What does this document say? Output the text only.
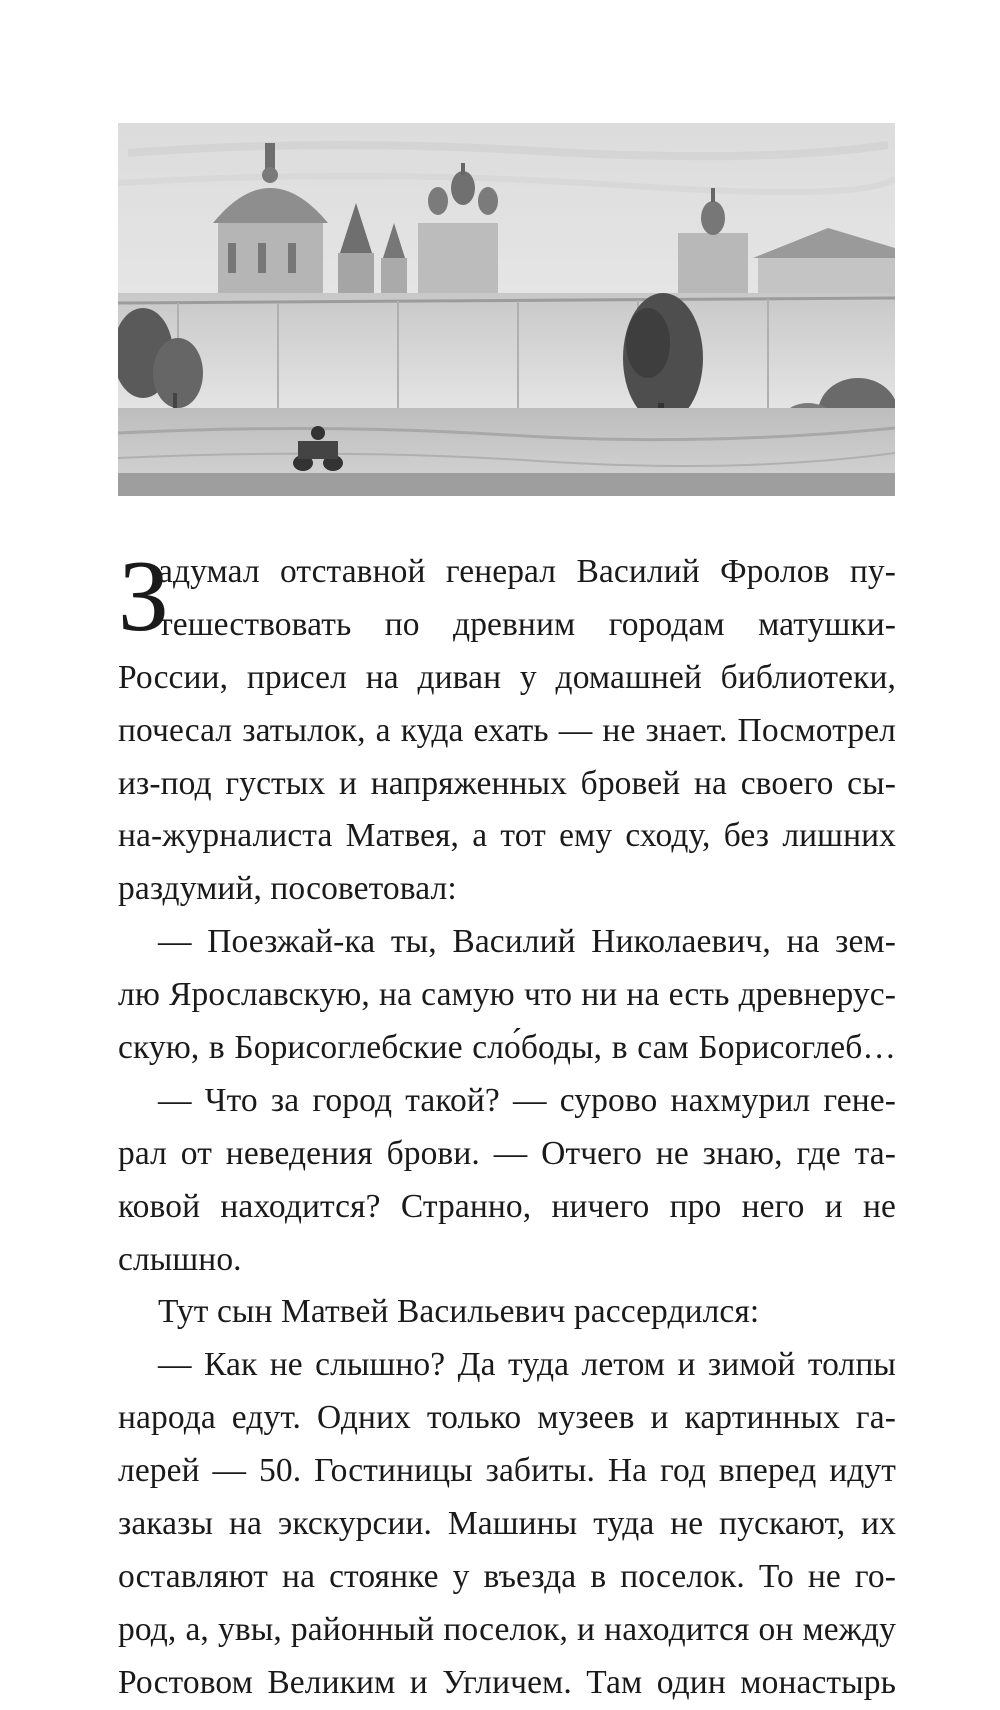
З
адумал отставной генерал Василий Фролов пу-
тешествовать по древним городам матушки-
России, присел на диван у домашней библиотеки,
почесал затылок, а куда ехать — не знает. Посмотрел
из-под густых и напряженных бровей на своего сы-
на-журналиста Матвея, а тот ему сходу, без лишних
раздумий, посоветовал:
— Поезжай-ка ты, Василий Николаевич, на зем-
лю Ярославскую, на самую что ни на есть древнерус-
скую, в Борисоглебские сло́боды, в сам Борисоглеб…
— Что за город такой? — сурово нахмурил гене-
рал от неведения брови. — Отчего не знаю, где та-
ковой находится? Странно, ничего про него и не
слышно.
Тут сын Матвей Васильевич рассердился:
— Как не слышно? Да туда летом и зимой толпы
народа едут. Одних только музеев и картинных га-
лерей — 50. Гостиницы забиты. На год вперед идут
заказы на экскурсии. Машины туда не пускают, их
оставляют на стоянке у въезда в поселок. То не го-
род, а, увы, районный поселок, и находится он между
Ростовом Великим и Угличем. Там один монастырь
